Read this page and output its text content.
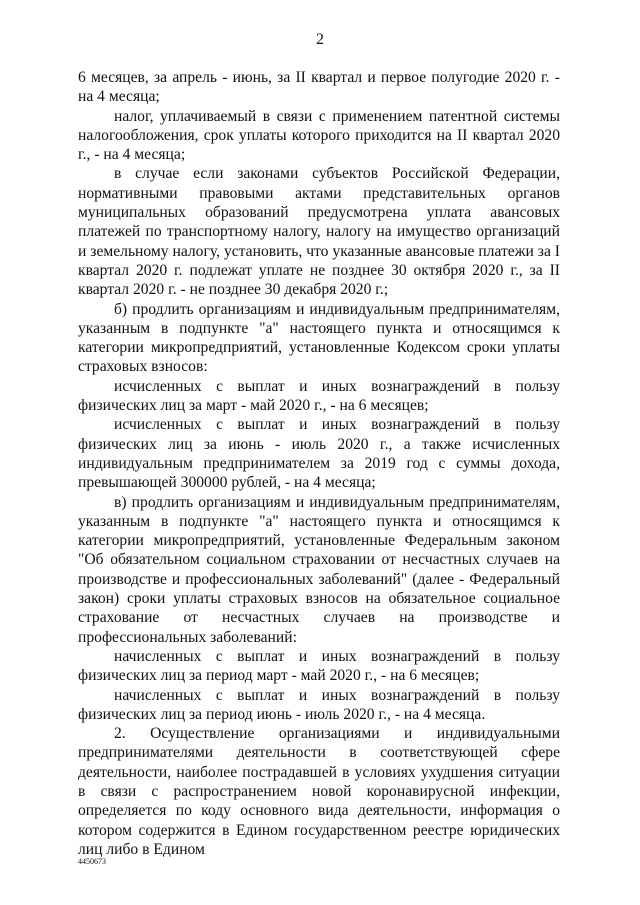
2

6 месяцев, за апрель - июнь, за II квартал и первое полугодие 2020 г. - на 4 месяца;

налог, уплачиваемый в связи с применением патентной системы налогообложения, срок уплаты которого приходится на II квартал 2020 г., - на 4 месяца;

в случае если законами субъектов Российской Федерации, нормативными правовыми актами представительных органов муниципальных образований предусмотрена уплата авансовых платежей по транспортному налогу, налогу на имущество организаций и земельному налогу, установить, что указанные авансовые платежи за I квартал 2020 г. подлежат уплате не позднее 30 октября 2020 г., за II квартал 2020 г. - не позднее 30 декабря 2020 г.;

б) продлить организациям и индивидуальным предпринимателям, указанным в подпункте "а" настоящего пункта и относящимся к категории микропредприятий, установленные Кодексом сроки уплаты страховых взносов:

исчисленных с выплат и иных вознаграждений в пользу физических лиц за март - май 2020 г., - на 6 месяцев;

исчисленных с выплат и иных вознаграждений в пользу физических лиц за июнь - июль 2020 г., а также исчисленных индивидуальным предпринимателем за 2019 год с суммы дохода, превышающей 300000 рублей, - на 4 месяца;

в) продлить организациям и индивидуальным предпринимателям, указанным в подпункте "а" настоящего пункта и относящимся к категории микропредприятий, установленные Федеральным законом "Об обязательном социальном страховании от несчастных случаев на производстве и профессиональных заболеваний" (далее - Федеральный закон) сроки уплаты страховых взносов на обязательное социальное страхование от несчастных случаев на производстве и профессиональных заболеваний:

начисленных с выплат и иных вознаграждений в пользу физических лиц за период март - май 2020 г., - на 6 месяцев;

начисленных с выплат и иных вознаграждений в пользу физических лиц за период июнь - июль 2020 г., - на 4 месяца.

2. Осуществление организациями и индивидуальными предпринимателями деятельности в соответствующей сфере деятельности, наиболее пострадавшей в условиях ухудшения ситуации в связи с распространением новой коронавирусной инфекции, определяется по коду основного вида деятельности, информация о котором содержится в Едином государственном реестре юридических лиц либо в Едином

4450673
